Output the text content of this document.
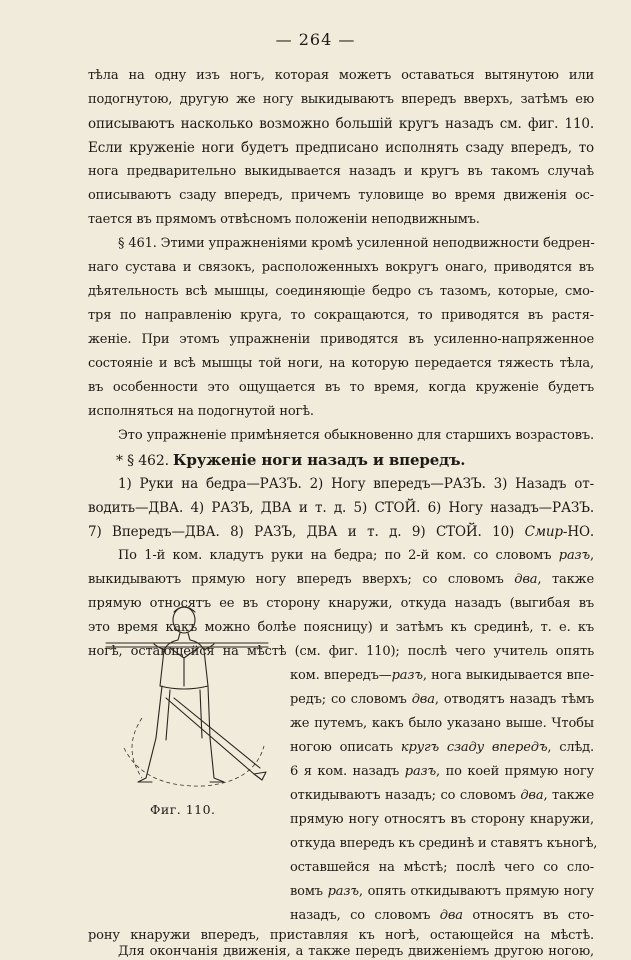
— 264 —
тѣла на одну изъ ногъ, которая можетъ оставаться вытянутою или
подогнутою, другую же ногу выкидываютъ впередъ вверхъ, затѣмъ ею
описываютъ насколько возможно большій кругъ назадъ см. фиг. 110.
Если круженіе ноги будетъ предписано исполнять сзаду впередъ, то
нога предварительно выкидывается назадъ и кругъ въ такомъ случаѣ
описываютъ сзаду впередъ, причемъ туловище во время движенія ос-
тается въ прямомъ отвѣсномъ положеніи неподвижнымъ.
§ 461. Этими упражненіями кромѣ усиленной неподвижности бедрен-
наго сустава и связокъ, расположенныхъ вокругъ онаго, приводятся въ
дѣятельность всѣ мышцы, соединяющіе бедро съ тазомъ, которые, смо-
тря по направленію круга, то сокращаются, то приводятся въ растя-
женіе. При этомъ упражненіи приводятся въ усиленно-напряженное
состояніе и всѣ мышцы той ноги, на которую передается тяжесть тѣла,
въ особенности это ощущается въ то время, когда круженіе будетъ
исполняться на подогнутой ногѣ.
Это упражненіе примѣняется обыкновенно для старшихъ возрастовъ.
* § 462. Круженіе ноги назадъ и впередъ.
1) Руки на бедра—РАЗЪ. 2) Ногу впередъ—РАЗЪ. 3) Назадъ от-
водить—ДВА. 4) РАЗЪ, ДВА и т. д. 5) СТОЙ. 6) Ногу назадъ—РАЗЪ.
7) Впередъ—ДВА. 8) РАЗЪ, ДВА и т. д. 9) СТОЙ. 10) Смир-НО.
По 1-й ком. кладутъ руки на бедра; по 2-й ком. со словомъ разъ,
выкидываютъ прямую ногу впередъ вверхъ; со словомъ два, также
прямую относятъ ее въ сторону кнаружи, откуда назадъ (выгибая въ
это время какъ можно болѣе поясницу) и затѣмъ къ срединѣ, т. е. къ
ногѣ, остающейся на мѣстѣ (см. фиг. 110); послѣ чего учитель опять
ком. впередъ—разъ, нога выкидывается впе-
редъ; со словомъ два, отводятъ назадъ тѣмъ
же путемъ, какъ было указано выше. Чтобы
ногою описать кругъ сзаду впередъ, слѣд.
6 я ком. назадъ разъ, по коей прямую ногу
откидываютъ назадъ; со словомъ два, также
прямую ногу относятъ въ сторону кнаружи,
откуда впередъ къ срединѣ и ставятъ къногѣ,
оставшейся на мѣстѣ; послѣ чего со сло-
вомъ разъ, опять откидываютъ прямую ногу
назадъ, со словомъ два относятъ въ сто-
рону кнаружи впередъ, приставляя къ ногѣ, остающейся на мѣстѣ.
Для окончанія движенія, а также передъ движеніемъ другою ногою,
Фиг. 110.
